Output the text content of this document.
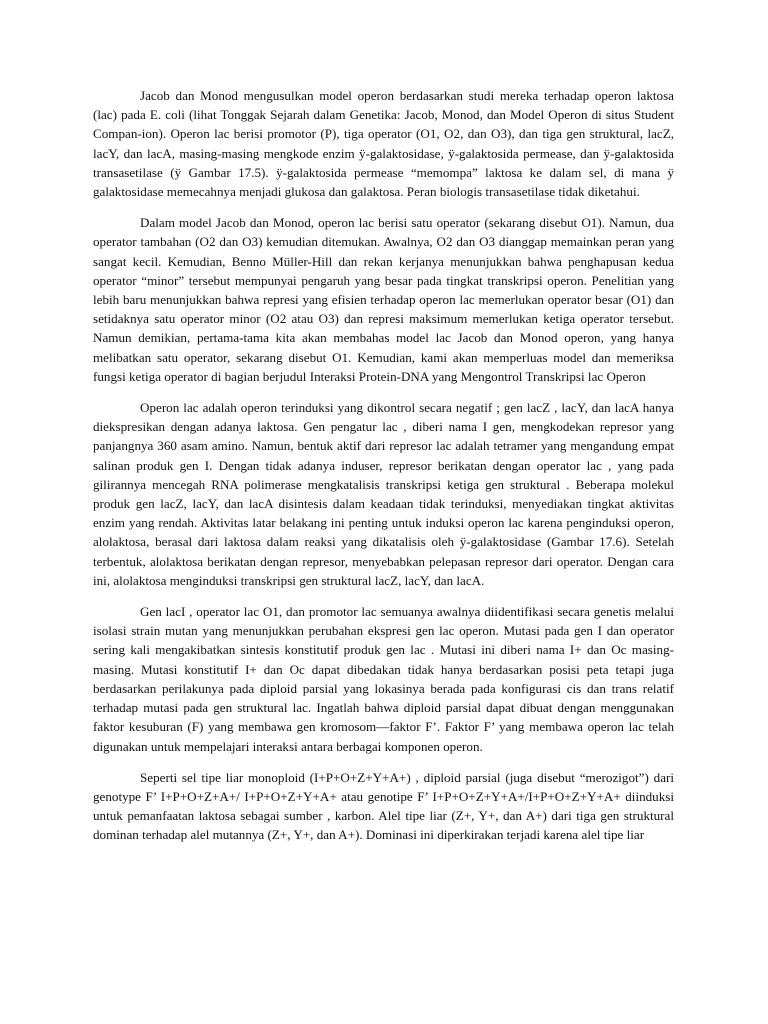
Jacob dan Monod mengusulkan model operon berdasarkan studi mereka terhadap operon laktosa (lac) pada E. coli (lihat Tonggak Sejarah dalam Genetika: Jacob, Monod, dan Model Operon di situs Student Compan-ion). Operon lac berisi promotor (P), tiga operator (O1, O2, dan O3), dan tiga gen struktural, lacZ, lacY, dan lacA, masing-masing mengkode enzim ÿ-galaktosidase, ÿ-galaktosida permease, dan ÿ-galaktosida transasetilase (ÿ Gambar 17.5). ÿ-galaktosida permease “memompa” laktosa ke dalam sel, di mana ÿ galaktosidase memecahnya menjadi glukosa dan galaktosa. Peran biologis transasetilase tidak diketahui.

Dalam model Jacob dan Monod, operon lac berisi satu operator (sekarang disebut O1). Namun, dua operator tambahan (O2 dan O3) kemudian ditemukan. Awalnya, O2 dan O3 dianggap memainkan peran yang sangat kecil. Kemudian, Benno Müller-Hill dan rekan kerjanya menunjukkan bahwa penghapusan kedua operator “minor” tersebut mempunyai pengaruh yang besar pada tingkat transkripsi operon. Penelitian yang lebih baru menunjukkan bahwa represi yang efisien terhadap operon lac memerlukan operator besar (O1) dan setidaknya satu operator minor (O2 atau O3) dan represi maksimum memerlukan ketiga operator tersebut. Namun demikian, pertama-tama kita akan membahas model lac Jacob dan Monod operon, yang hanya melibatkan satu operator, sekarang disebut O1. Kemudian, kami akan memperluas model dan memeriksa fungsi ketiga operator di bagian berjudul Interaksi Protein-DNA yang Mengontrol Transkripsi lac Operon

Operon lac adalah operon terinduksi yang dikontrol secara negatif ; gen lacZ , lacY, dan lacA hanya diekspresikan dengan adanya laktosa. Gen pengatur lac , diberi nama I gen, mengkodekan represor yang panjangnya 360 asam amino. Namun, bentuk aktif dari represor lac adalah tetramer yang mengandung empat salinan produk gen I. Dengan tidak adanya induser, represor berikatan dengan operator lac , yang pada gilirannya mencegah RNA polimerase mengkatalisis transkripsi ketiga gen struktural . Beberapa molekul produk gen lacZ, lacY, dan lacA disintesis dalam keadaan tidak terinduksi, menyediakan tingkat aktivitas enzim yang rendah. Aktivitas latar belakang ini penting untuk induksi operon lac karena penginduksi operon, alolaktosa, berasal dari laktosa dalam reaksi yang dikatalisis oleh ÿ-galaktosidase (Gambar 17.6). Setelah terbentuk, alolaktosa berikatan dengan represor, menyebabkan pelepasan represor dari operator. Dengan cara ini, alolaktosa menginduksi transkripsi gen struktural lacZ, lacY, dan lacA.

Gen lacI , operator lac O1, dan promotor lac semuanya awalnya diidentifikasi secara genetis melalui isolasi strain mutan yang menunjukkan perubahan ekspresi gen lac operon. Mutasi pada gen I dan operator sering kali mengakibatkan sintesis konstitutif produk gen lac . Mutasi ini diberi nama I+ dan Oc masing-masing. Mutasi konstitutif I+ dan Oc dapat dibedakan tidak hanya berdasarkan posisi peta tetapi juga berdasarkan perilakunya pada diploid parsial yang lokasinya berada pada konfigurasi cis dan trans relatif terhadap mutasi pada gen struktural lac. Ingatlah bahwa diploid parsial dapat dibuat dengan menggunakan faktor kesuburan (F) yang membawa gen kromosom—faktor F’. Faktor F’ yang membawa operon lac telah digunakan untuk mempelajari interaksi antara berbagai komponen operon.

Seperti sel tipe liar monoploid (I+P+O+Z+Y+A+) , diploid parsial (juga disebut “merozigot”) dari genotype F’ I+P+O+Z+A+/ I+P+O+Z+Y+A+ atau genotipe F’ I+P+O+Z+Y+A+/I+P+O+Z+Y+A+ diinduksi untuk pemanfaatan laktosa sebagai sumber , karbon. Alel tipe liar (Z+, Y+, dan A+) dari tiga gen struktural dominan terhadap alel mutannya (Z+, Y+, dan A+). Dominasi ini diperkirakan terjadi karena alel tipe liar
